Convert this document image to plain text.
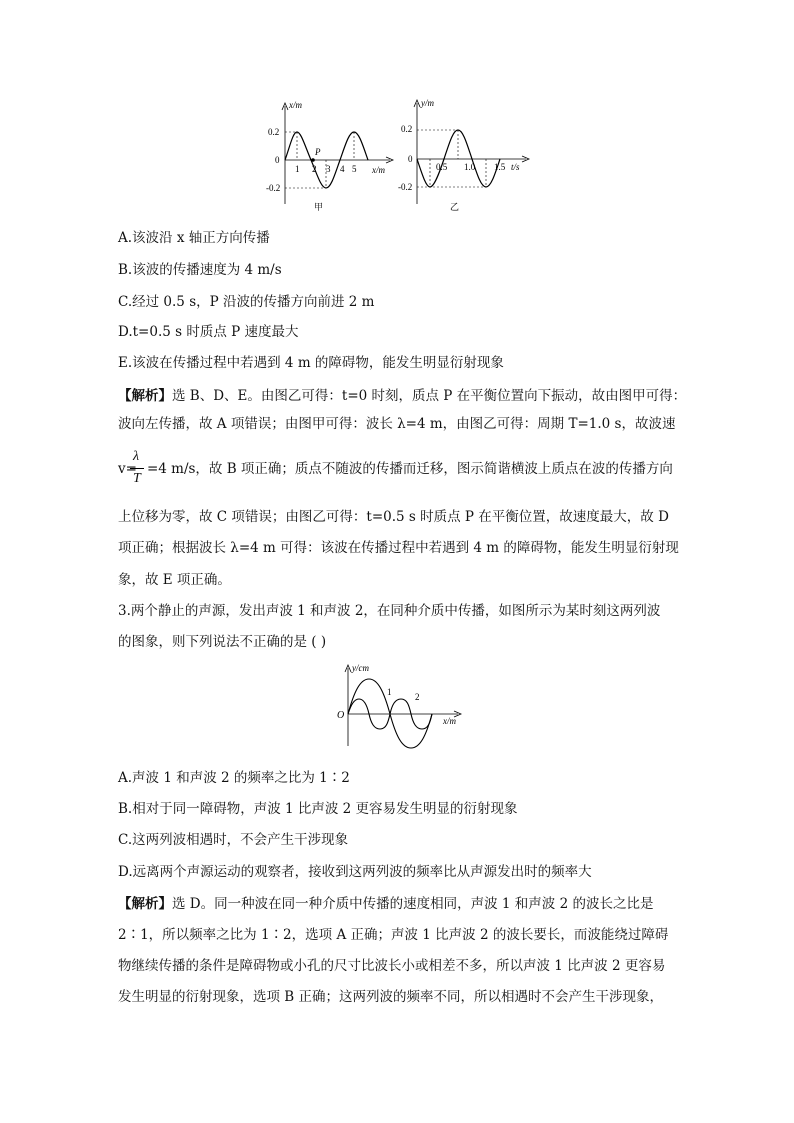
x/m
x/m
0.2
0
-0.2
P
1 2 3 4 5
甲
y/m
t/s
0.2
0
-0.2
0.5 1.0 1.5
乙
A.该波沿 x 轴正方向传播
B.该波的传播速度为 4 m/s
C.经过 0.5 s，P 沿波的传播方向前进 2 m
D.t=0.5 s 时质点 P 速度最大
E.该波在传播过程中若遇到 4 m 的障碍物，能发生明显衍射现象
【解析】选 B、D、E。由图乙可得：t=0 时刻，质点 P 在平衡位置向下振动，故由图甲可得：
波向左传播，故 A 项错误；由图甲可得：波长 λ=4 m，由图乙可得：周期 T=1.0 s，故波速
λ
T
v= =4 m/s，故 B 项正确；质点不随波的传播而迁移，图示简谐横波上质点在波的传播方向
上位移为零，故 C 项错误；由图乙可得：t=0.5 s 时质点 P 在平衡位置，故速度最大，故 D
项正确；根据波长 λ=4 m 可得：该波在传播过程中若遇到 4 m 的障碍物，能发生明显衍射现
象，故 E 项正确。
3.两个静止的声源，发出声波 1 和声波 2，在同种介质中传播，如图所示为某时刻这两列波
的图象，则下列说法不正确的是 ( )
y/cm
x/m
O
1	2
A.声波 1 和声波 2 的频率之比为 1∶2
B.相对于同一障碍物，声波 1 比声波 2 更容易发生明显的衍射现象
C.这两列波相遇时，不会产生干涉现象
D.远离两个声源运动的观察者，接收到这两列波的频率比从声源发出时的频率大
【解析】选 D。同一种波在同一种介质中传播的速度相同，声波 1 和声波 2 的波长之比是
2∶1，所以频率之比为 1∶2，选项 A 正确；声波 1 比声波 2 的波长要长，而波能绕过障碍
物继续传播的条件是障碍物或小孔的尺寸比波长小或相差不多，所以声波 1 比声波 2 更容易
发生明显的衍射现象，选项 B 正确；这两列波的频率不同，所以相遇时不会产生干涉现象，
